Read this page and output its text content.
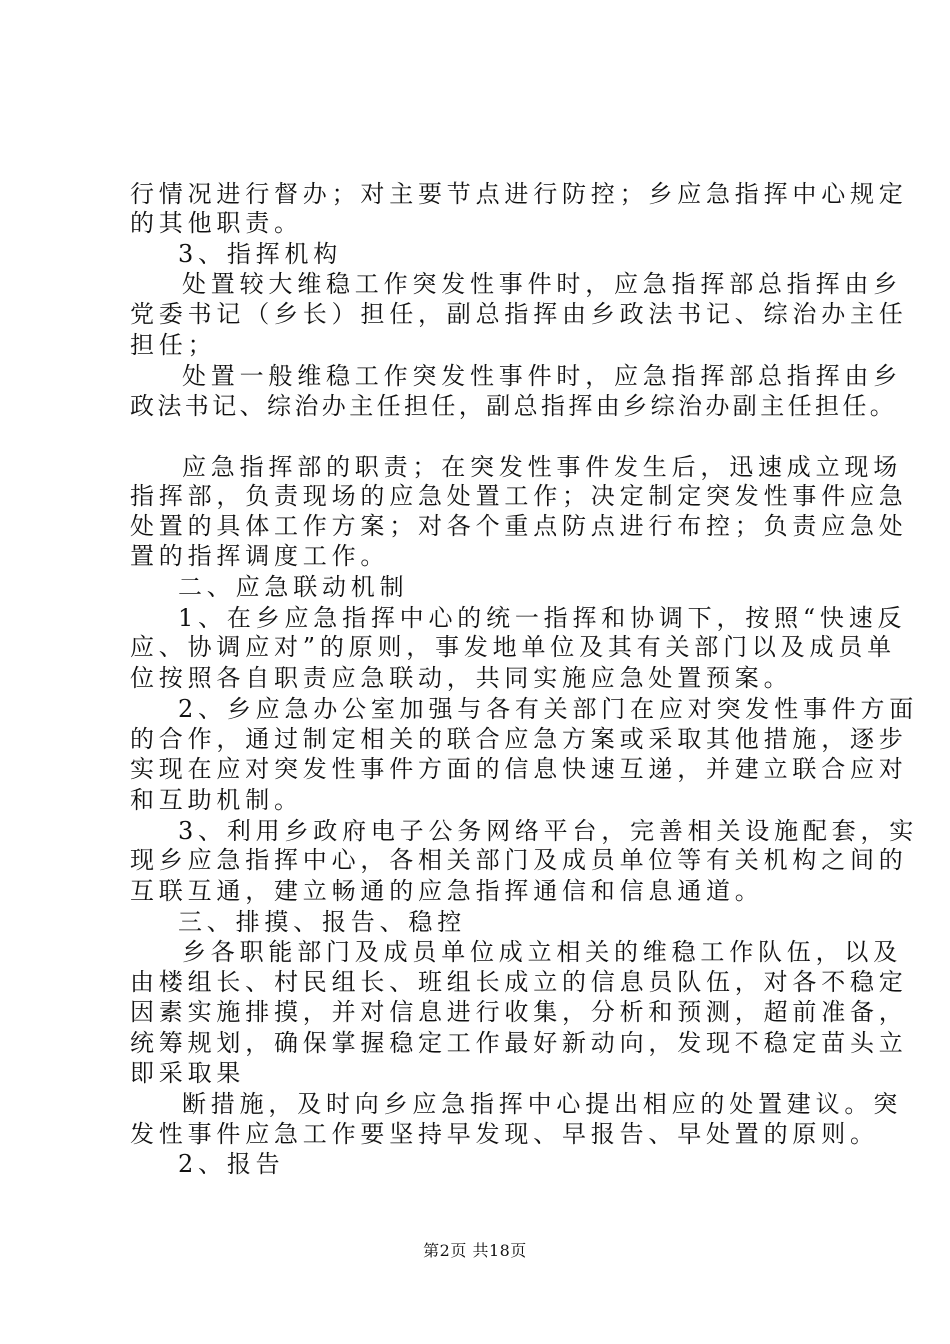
行情况进行督办；对主要节点进行防控；乡应急指挥中心规定
的其他职责。
3、指挥机构
处置较大维稳工作突发性事件时，应急指挥部总指挥由乡
党委书记（乡长）担任，副总指挥由乡政法书记、综治办主任
担任；
处置一般维稳工作突发性事件时，应急指挥部总指挥由乡
政法书记、综治办主任担任，副总指挥由乡综治办副主任担任。
应急指挥部的职责；在突发性事件发生后，迅速成立现场
指挥部，负责现场的应急处置工作；决定制定突发性事件应急
处置的具体工作方案；对各个重点防点进行布控；负责应急处
置的指挥调度工作。
二、应急联动机制
1、在乡应急指挥中心的统一指挥和协调下，按照“快速反
应、协调应对”的原则，事发地单位及其有关部门以及成员单
位按照各自职责应急联动，共同实施应急处置预案。
2、乡应急办公室加强与各有关部门在应对突发性事件方面
的合作，通过制定相关的联合应急方案或采取其他措施，逐步
实现在应对突发性事件方面的信息快速互递，并建立联合应对
和互助机制。
3、利用乡政府电子公务网络平台，完善相关设施配套，实
现乡应急指挥中心，各相关部门及成员单位等有关机构之间的
互联互通，建立畅通的应急指挥通信和信息通道。
三、排摸、报告、稳控
乡各职能部门及成员单位成立相关的维稳工作队伍，以及
由楼组长、村民组长、班组长成立的信息员队伍，对各不稳定
因素实施排摸，并对信息进行收集，分析和预测，超前准备，
统筹规划，确保掌握稳定工作最好新动向，发现不稳定苗头立
即采取果
断措施，及时向乡应急指挥中心提出相应的处置建议。突
发性事件应急工作要坚持早发现、早报告、早处置的原则。
2、报告
第2页 共18页
